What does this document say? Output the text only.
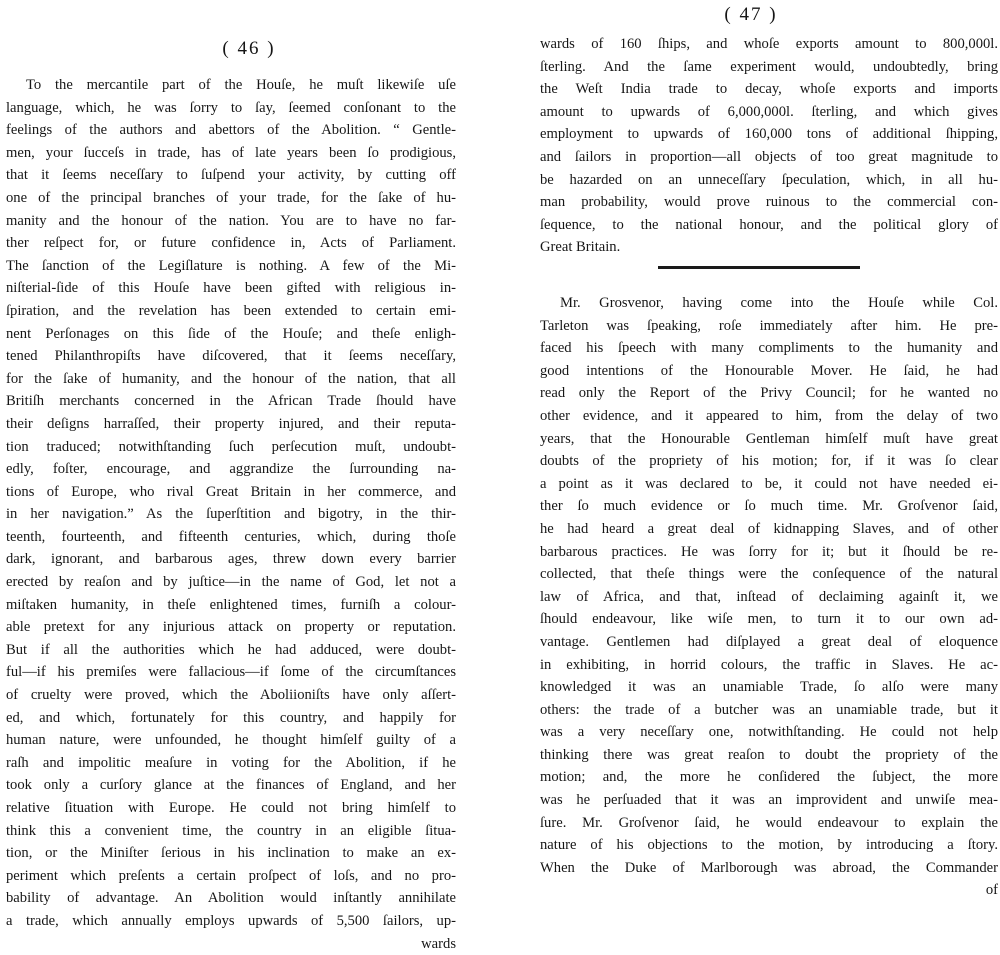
( 46 )
To the mercantile part of the Houſe, he muſt likewiſe uſe
language, which, he was ſorry to ſay, ſeemed conſonant to the
feelings of the authors and abettors of the Abolition. “ Gentle-
men, your ſucceſs in trade, has of late years been ſo prodigious,
that it ſeems neceſſary to ſuſpend your activity, by cutting off
one of the principal branches of your trade, for the ſake of hu-
manity and the honour of the nation. You are to have no far-
ther reſpect for, or future confidence in, Acts of Parliament.
The ſanction of the Legiſlature is nothing. A few of the Mi-
niſterial-ſide of this Houſe have been gifted with religious in-
ſpiration, and the revelation has been extended to certain emi-
nent Perſonages on this ſide of the Houſe; and theſe enligh-
tened Philanthropiſts have diſcovered, that it ſeems neceſſary,
for the ſake of humanity, and the honour of the nation, that all
Britiſh merchants concerned in the African Trade ſhould have
their deſigns harraſſed, their property injured, and their reputa-
tion traduced; notwithſtanding ſuch perſecution muſt, undoubt-
edly, foſter, encourage, and aggrandize the ſurrounding na-
tions of Europe, who rival Great Britain in her commerce, and
in her navigation.” As the ſuperſtition and bigotry, in the thir-
teenth, fourteenth, and fifteenth centuries, which, during thoſe
dark, ignorant, and barbarous ages, threw down every barrier
erected by reaſon and by juſtice—in the name of God, let not a
miſtaken humanity, in theſe enlightened times, furniſh a colour-
able pretext for any injurious attack on property or reputation.
But if all the authorities which he had adduced, were doubt-
ful—if his premiſes were fallacious—if ſome of the circumſtances
of cruelty were proved, which the Aboliioniſts have only aſſert-
ed, and which, fortunately for this country, and happily for
human nature, were unfounded, he thought himſelf guilty of a
raſh and impolitic meaſure in voting for the Abolition, if he
took only a curſory glance at the finances of England, and her
relative ſituation with Europe. He could not bring himſelf to
think this a convenient time, the country in an eligible ſitua-
tion, or the Miniſter ſerious in his inclination to make an ex-
periment which preſents a certain proſpect of loſs, and no pro-
bability of advantage. An Abolition would inſtantly annihilate
a trade, which annually employs upwards of 5,500 ſailors, up-
wards
( 47 )
wards of 160 ſhips, and whoſe exports amount to 800,000l.
ſterling. And the ſame experiment would, undoubtedly, bring
the Weſt India trade to decay, whoſe exports and imports
amount to upwards of 6,000,000l. ſterling, and which gives
employment to upwards of 160,000 tons of additional ſhipping,
and ſailors in proportion—all objects of too great magnitude to
be hazarded on an unneceſſary ſpeculation, which, in all hu-
man probability, would prove ruinous to the commercial con-
ſequence, to the national honour, and the political glory of
Great Britain.
Mr. Grosvenor, having come into the Houſe while Col.
Tarleton was ſpeaking, roſe immediately after him. He pre-
faced his ſpeech with many compliments to the humanity and
good intentions of the Honourable Mover. He ſaid, he had
read only the Report of the Privy Council; for he wanted no
other evidence, and it appeared to him, from the delay of two
years, that the Honourable Gentleman himſelf muſt have great
doubts of the propriety of his motion; for, if it was ſo clear
a point as it was declared to be, it could not have needed ei-
ther ſo much evidence or ſo much time. Mr. Groſvenor ſaid,
he had heard a great deal of kidnapping Slaves, and of other
barbarous practices. He was ſorry for it; but it ſhould be re-
collected, that theſe things were the conſequence of the natural
law of Africa, and that, inſtead of declaiming againſt it, we
ſhould endeavour, like wiſe men, to turn it to our own ad-
vantage. Gentlemen had diſplayed a great deal of eloquence
in exhibiting, in horrid colours, the traffic in Slaves. He ac-
knowledged it was an unamiable Trade, ſo alſo were many
others: the trade of a butcher was an unamiable trade, but it
was a very neceſſary one, notwithſtanding. He could not help
thinking there was great reaſon to doubt the propriety of the
motion; and, the more he conſidered the ſubject, the more
was he perſuaded that it was an improvident and unwiſe mea-
ſure. Mr. Groſvenor ſaid, he would endeavour to explain the
nature of his objections to the motion, by introducing a ſtory.
When the Duke of Marlborough was abroad, the Commander
of
